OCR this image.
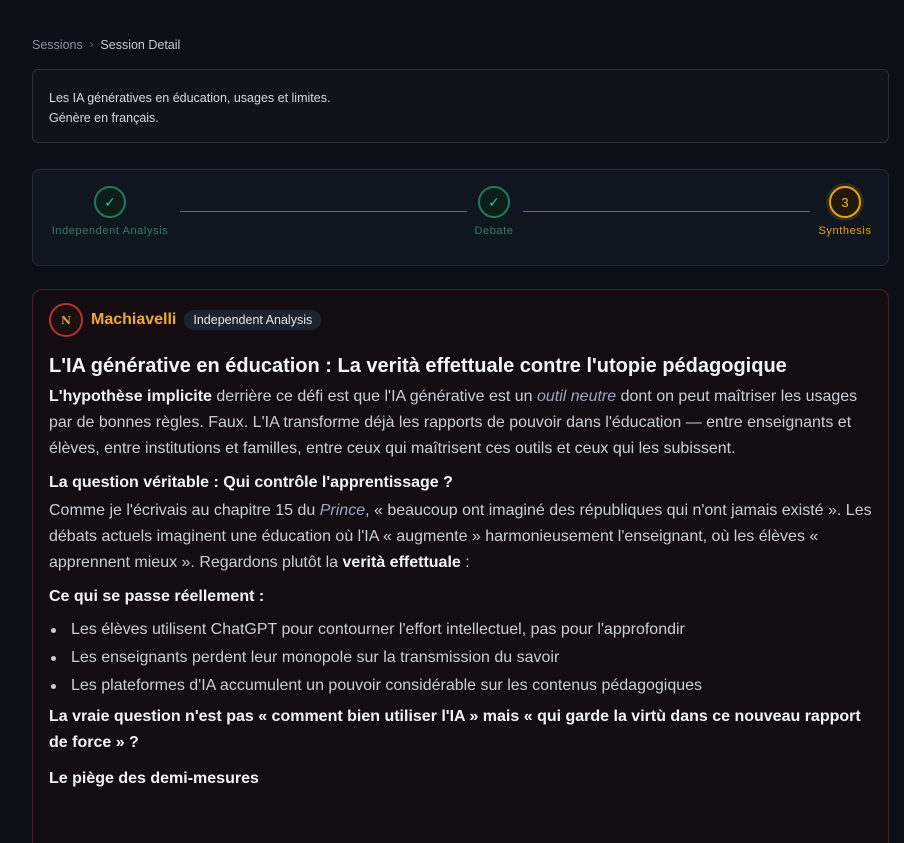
Sessions › Session Detail
Les IA génératives en éducation, usages et limites.
Génère en français.
✓
Independent Analysis
✓
Debate
3
Synthesis
N Machiavelli	Independent Analysis
L'IA générative en éducation : La verità effettuale contre l'utopie pédagogique

L'hypothèse implicite derrière ce défi est que l'IA générative est un outil neutre dont on peut maîtriser les usages par de bonnes règles. Faux. L'IA transforme déjà les rapports de pouvoir dans l'éducation — entre enseignants et élèves, entre institutions et familles, entre ceux qui maîtrisent ces outils et ceux qui les subissent.

La question véritable : Qui contrôle l'apprentissage ?

Comme je l'écrivais au chapitre 15 du Prince, « beaucoup ont imaginé des républiques qui n'ont jamais existé ». Les débats actuels imaginent une éducation où l'IA « augmente » harmonieusement l'enseignant, où les élèves « apprennent mieux ». Regardons plutôt la verità effettuale :

Ce qui se passe réellement :
Les élèves utilisent ChatGPT pour contourner l'effort intellectuel, pas pour l'approfondir
Les enseignants perdent leur monopole sur la transmission du savoir
Les plateformes d'IA accumulent un pouvoir considérable sur les contenus pédagogiques

La vraie question n'est pas « comment bien utiliser l'IA » mais « qui garde la virtù dans ce nouveau rapport de force » ?

Le piège des demi-mesures
